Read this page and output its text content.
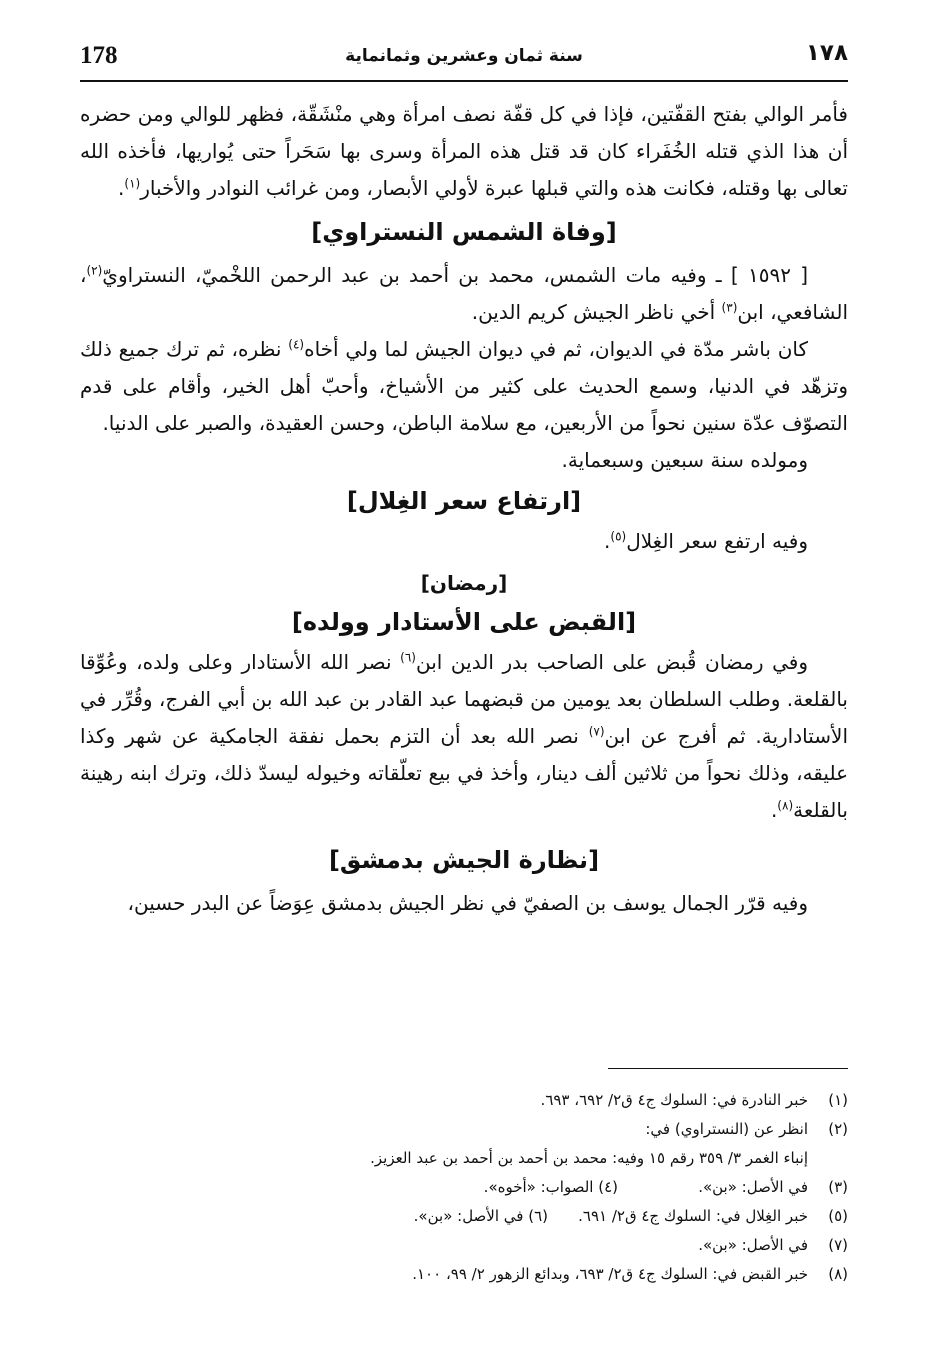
178	سنة ثمان وعشرين وثمانماية	١٧٨

فأمر الوالي بفتح القفّتين، فإذا في كل قفّة نصف امرأة وهي منْشَقّة، فظهر للوالي ومن حضره أن هذا الذي قتله الخُفَراء كان قد قتل هذه المرأة وسرى بها سَحَراً حتى يُواريها، فأخذه الله تعالى بها وقتله، فكانت هذه والتي قبلها عبرة لأولي الأبصار، ومن غرائب النوادر والأخبار$^{(١)}$.

[وفاة الشمس النستراوي]

[ ١٥٩٢ ] ـ وفيه مات الشمس، محمد بن أحمد بن عبد الرحمن اللخْميّ، النستراويّ$^{(٢)}$، الشافعي، ابن$^{(٣)}$ أخي ناظر الجيش كريم الدين.

كان باشر مدّة في الديوان، ثم في ديوان الجيش لما ولي أخاه$^{(٤)}$ نظره، ثم ترك جميع ذلك وتزهّد في الدنيا، وسمع الحديث على كثير من الأشياخ، وأحبّ أهل الخير، وأقام على قدم التصوّف عدّة سنين نحواً من الأربعين، مع سلامة الباطن، وحسن العقيدة، والصبر على الدنيا.

ومولده سنة سبعين وسبعماية.

[ارتفاع سعر الغِلال]

وفيه ارتفع سعر الغِلال$^{(٥)}$.

[رمضان]

[القبض على الأستادار وولده]

وفي رمضان قُبض على الصاحب بدر الدين ابن$^{(٦)}$ نصر الله الأستادار وعلى ولده، وعُوِّقا بالقلعة. وطلب السلطان بعد يومين من قبضهما عبد القادر بن عبد الله بن أبي الفرج، وقُرِّر في الأستادارية. ثم أفرج عن ابن$^{(٧)}$ نصر الله بعد أن التزم بحمل نفقة الجامكية عن شهر وكذا عليقه، وذلك نحواً من ثلاثين ألف دينار، وأخذ في بيع تعلّقاته وخيوله ليسدّ ذلك، وترك ابنه رهينة بالقلعة$^{(٨)}$.

[نظارة الجيش بدمشق]

وفيه قرّر الجمال يوسف بن الصفيّ في نظر الجيش بدمشق عِوَضاً عن البدر حسين،

(١)خبر النادرة في: السلوك ج٤ ق٢/ ٦٩٢، ٦٩٣.
(٢)انظر عن (النستراوي) في:
إنباء الغمر ٣/ ٣٥٩ رقم ١٥ وفيه: محمد بن أحمد بن أحمد بن عبد العزيز.
(٣)في الأصل: «بن».(٤) الصواب: «أخوه».
(٥)خبر الغِلال في: السلوك ج٤ ق٢/ ٦٩١.(٦) في الأصل: «بن».
(٧)في الأصل: «بن».
(٨)خبر القبض في: السلوك ج٤ ق٢/ ٦٩٣، وبدائع الزهور ٢/ ٩٩، ١٠٠.
